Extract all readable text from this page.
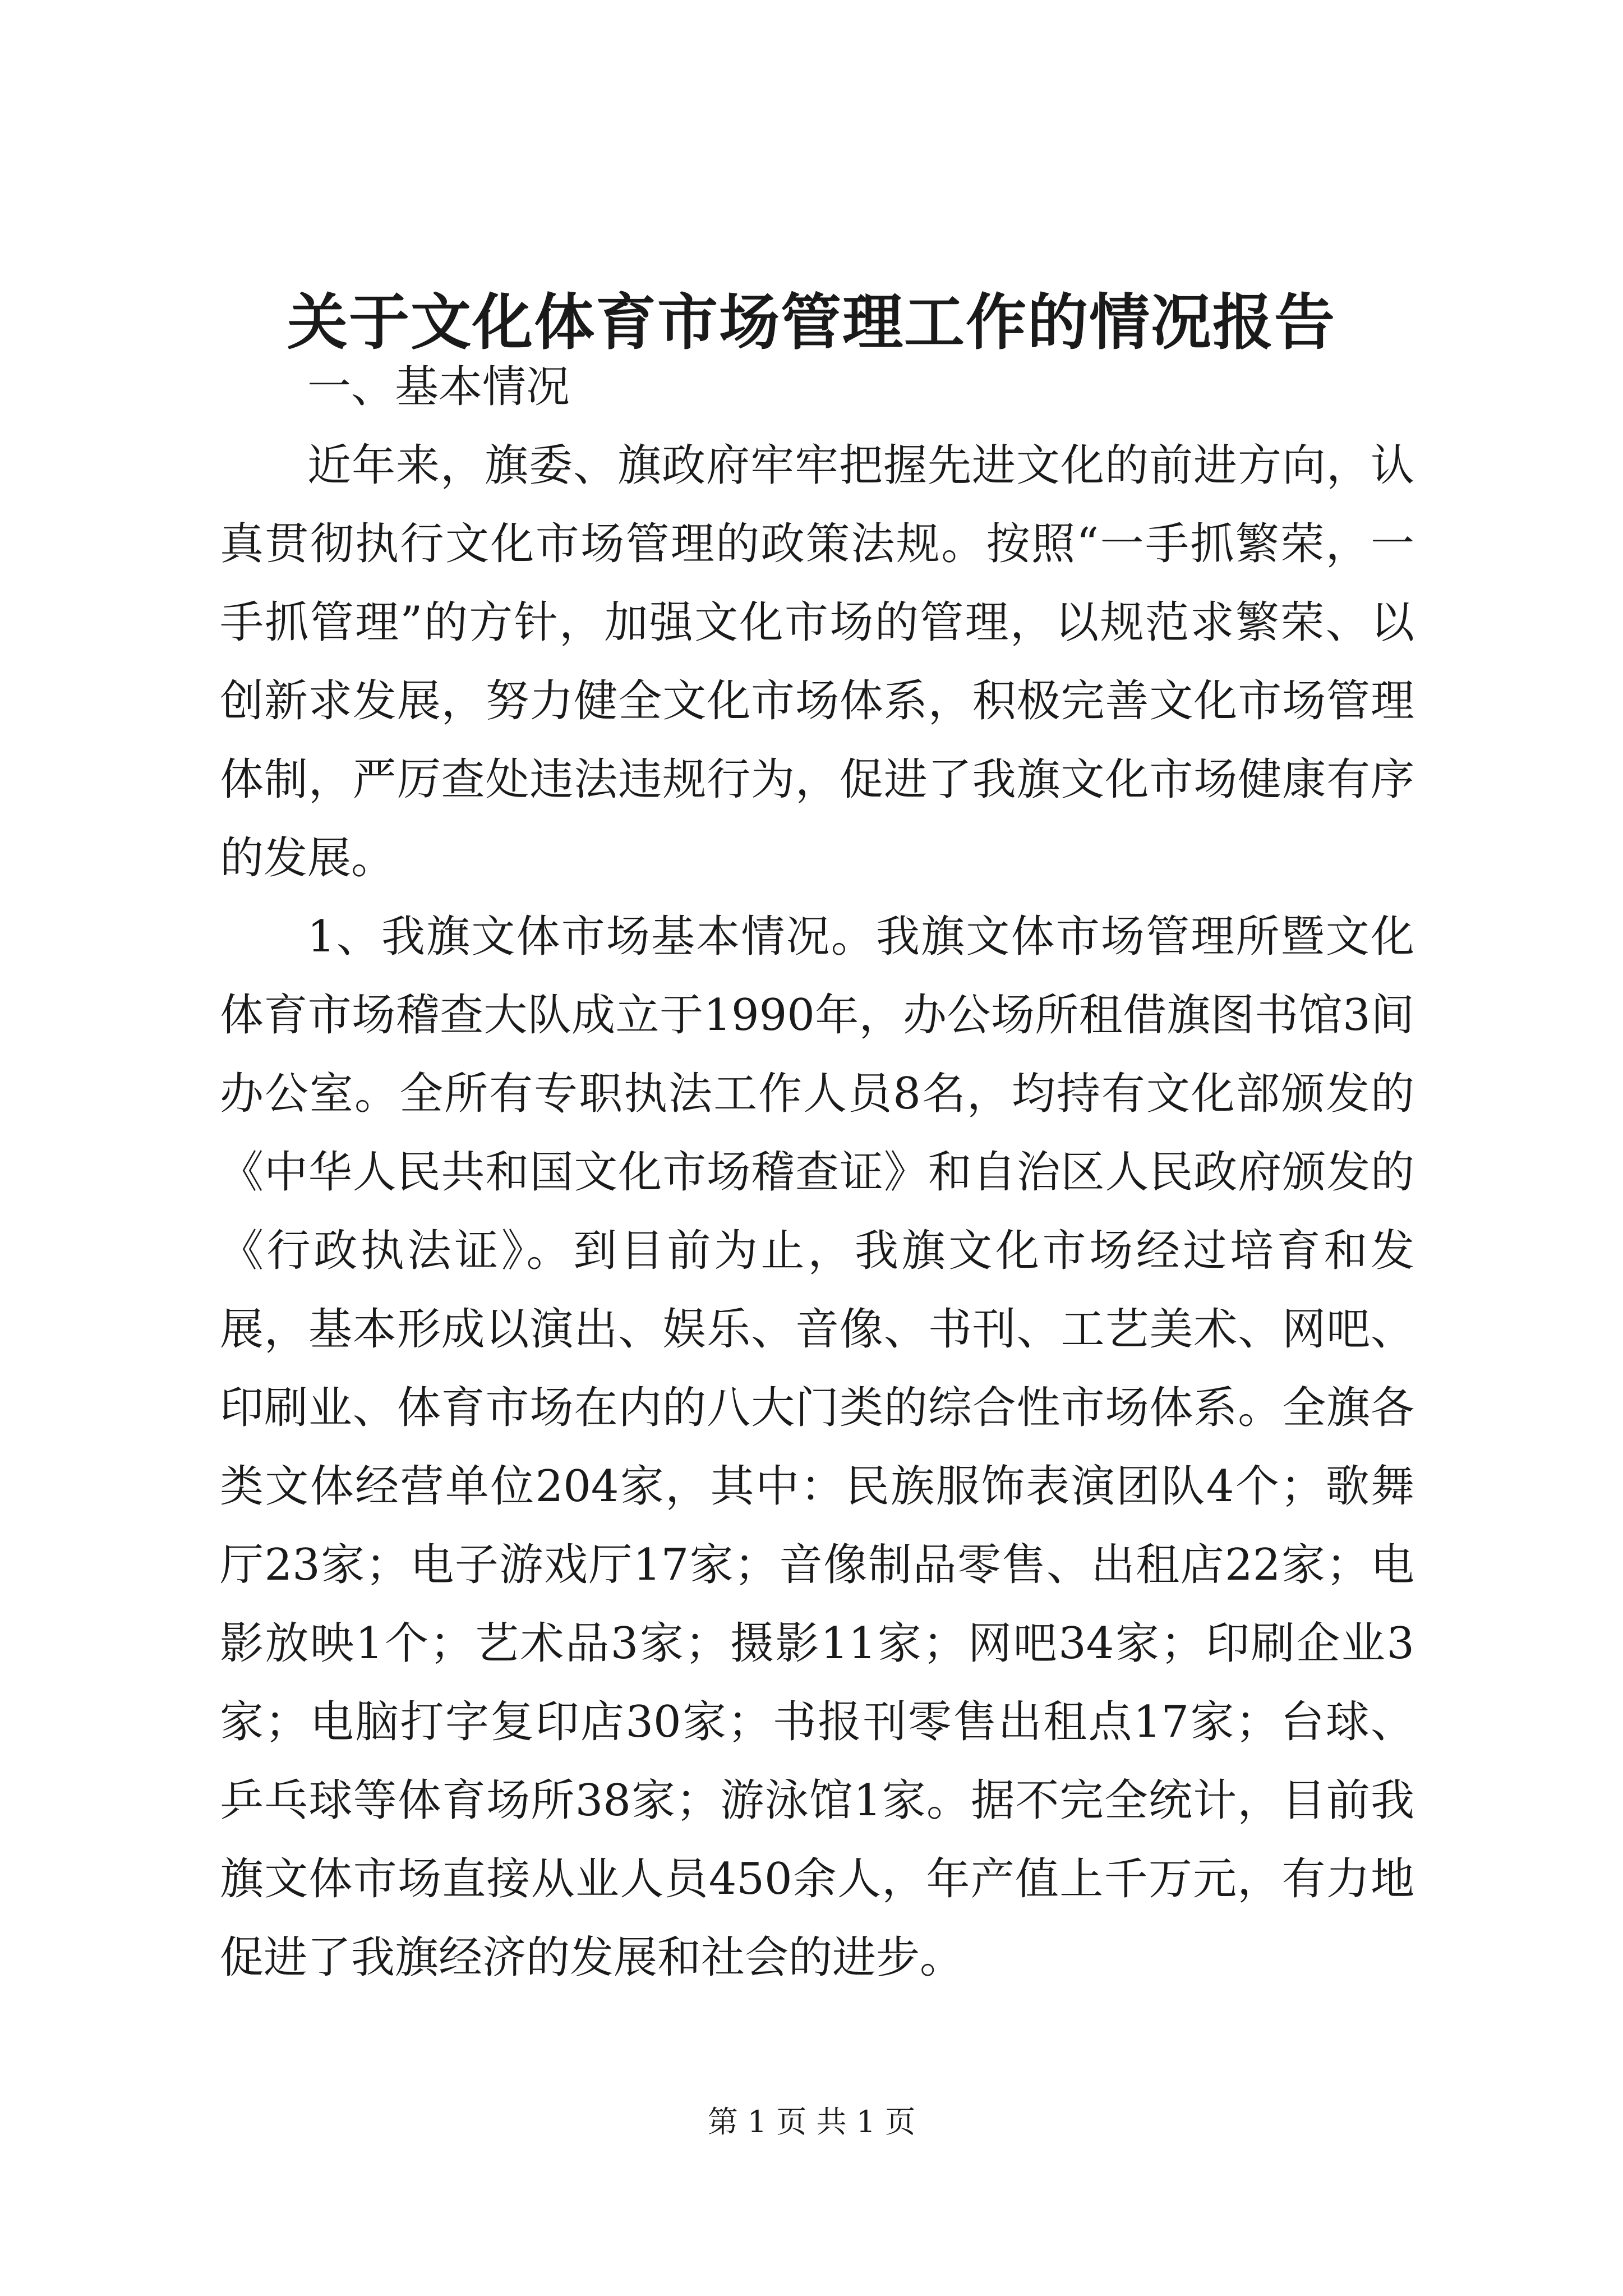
关于文化体育市场管理工作的情况报告

一、基本情况

近年来，旗委、旗政府牢牢把握先进文化的前进方向，认真贯彻执行文化市场管理的政策法规。按照“一手抓繁荣，一手抓管理”的方针，加强文化市场的管理，以规范求繁荣、以创新求发展，努力健全文化市场体系，积极完善文化市场管理体制，严厉查处违法违规行为，促进了我旗文化市场健康有序的发展。

1、我旗文体市场基本情况。我旗文体市场管理所暨文化体育市场稽查大队成立于1990年，办公场所租借旗图书馆3间办公室。全所有专职执法工作人员8名，均持有文化部颁发的《中华人民共和国文化市场稽查证》和自治区人民政府颁发的《行政执法证》。到目前为止，我旗文化市场经过培育和发展，基本形成以演出、娱乐、音像、书刊、工艺美术、网吧、印刷业、体育市场在内的八大门类的综合性市场体系。全旗各类文体经营单位204家，其中：民族服饰表演团队4个；歌舞厅23家；电子游戏厅17家；音像制品零售、出租店22家；电影放映1个；艺术品3家；摄影11家；网吧34家；印刷企业3家；电脑打字复印店30家；书报刊零售出租点17家；台球、乒乓球等体育场所38家；游泳馆1家。据不完全统计，目前我旗文体市场直接从业人员450余人，年产值上千万元，有力地促进了我旗经济的发展和社会的进步。

第 1 页 共 1 页
